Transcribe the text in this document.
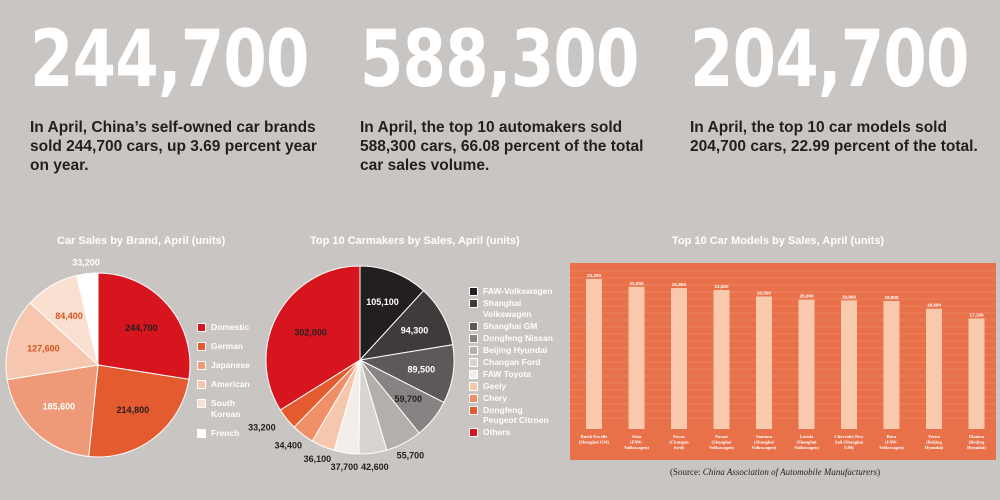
244,700
In April, China’s self-owned car brands sold 244,700 cars, up 3.69 percent year on year.
588,300
In April, the top 10 automakers sold 588,300 cars, 66.08 percent of the total car sales volume.
204,700
In April, the top 10 car models sold 204,700 cars, 22.99 percent of the total.
Car Sales by Brand, April (units)	Top 10 Carmakers by Sales, April (units)	Top 10 Car Models by Sales, April (units)
244,700
214,800
185,600
127,600
84,400
33,200
105,100
94,300
89,500
59,700
55,700
42,600
37,700
36,100
34,400
33,200
302,000
23,200
Buick Excelle (Shanghai GM)
22,000
Jetta (FAW-Volkswagen)
21,800
Focus (Changan ford)
21,500
Passat (Shanghai Volkswagen)
20,500
Santana (Shanghai Volkswagen)
20,000
Lavida (Shanghai Volkswagen)
19,900
Chevrolet New Sail (Shanghai GM)
19,800
Bora (FAW-Volkswagen)
18,600
Verna (Beijing Hyundai)
17,100
Elantra (Beijing Hyundai)
Domestic
German
Japanese
American
South
Korean
French
FAW-Volkswagen
Shanghai
Volkswagen
Shanghai GM
Dongfeng Nissan
Beijing Hyundai
Changan Ford
FAW Toyota
Geely
Chery
Dongfeng
Peugeot Citroen
Others
(Source: China Association of Automobile Manufacturers)
